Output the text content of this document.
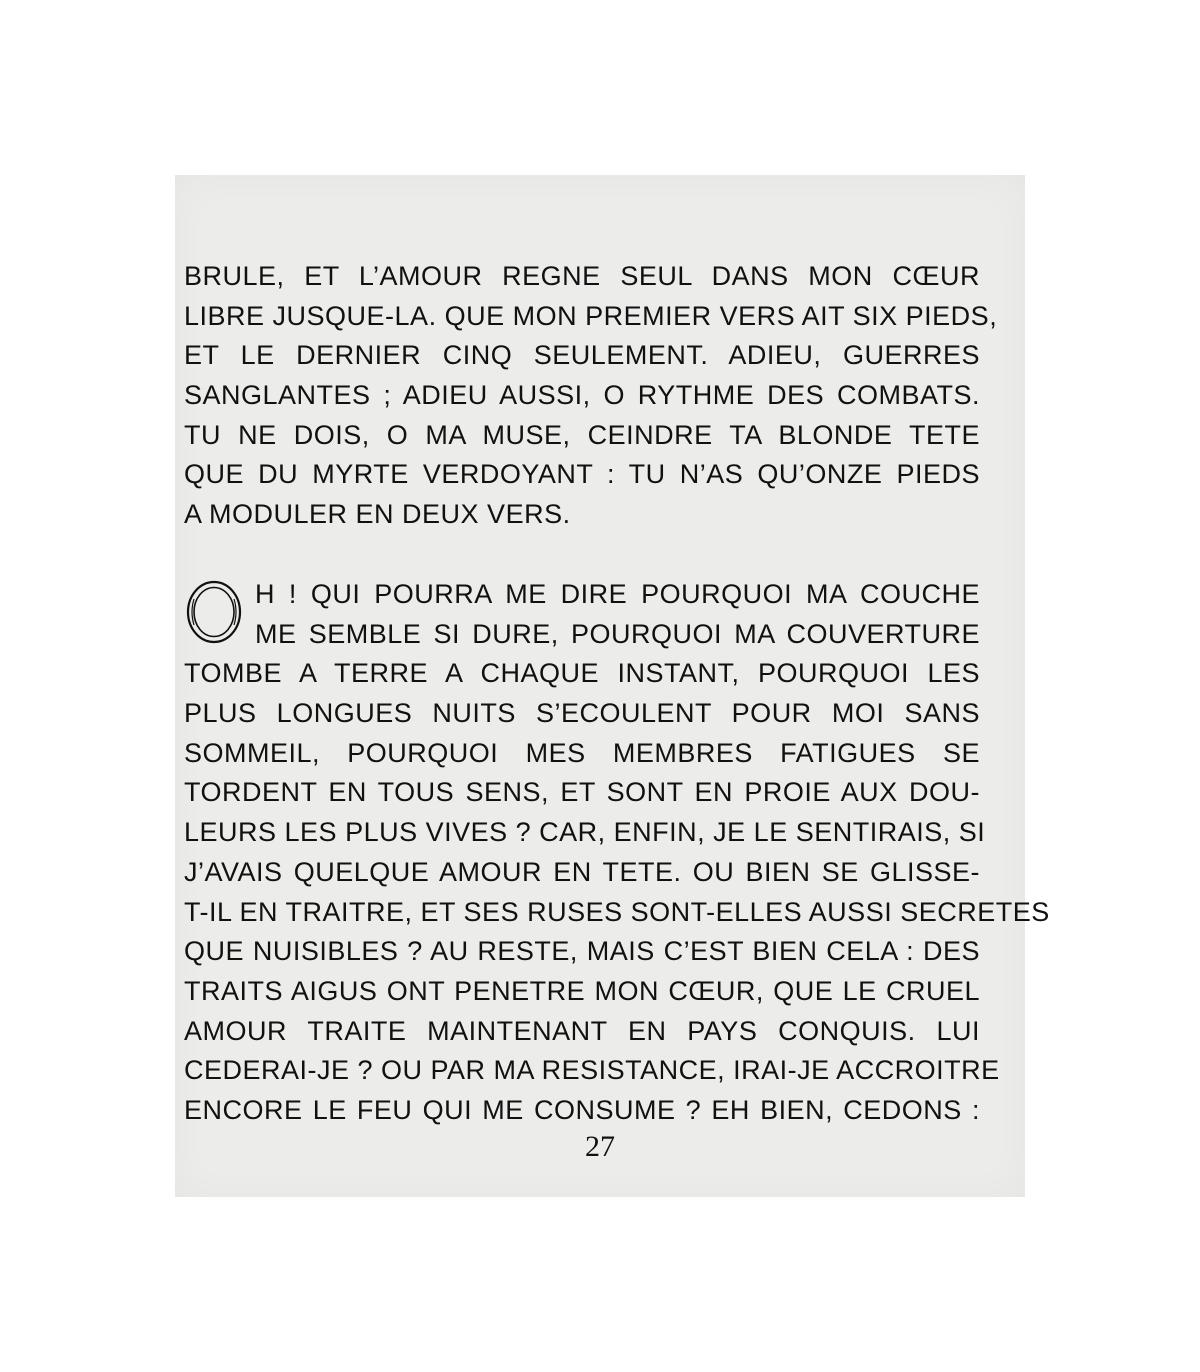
BRULE, ET L’AMOUR REGNE SEUL DANS MON CŒUR
LIBRE JUSQUE-LA. QUE MON PREMIER VERS AIT SIX PIEDS,
ET LE DERNIER CINQ SEULEMENT. ADIEU, GUERRES
SANGLANTES ; ADIEU AUSSI, O RYTHME DES COMBATS.
TU NE DOIS, O MA MUSE, CEINDRE TA BLONDE TETE
QUE DU MYRTE VERDOYANT : TU N’AS QU’ONZE PIEDS
A MODULER EN DEUX VERS.
O
H ! QUI POURRA ME DIRE POURQUOI MA COUCHE
ME SEMBLE SI DURE, POURQUOI MA COUVERTURE
TOMBE A TERRE A CHAQUE INSTANT, POURQUOI LES
PLUS LONGUES NUITS S’ECOULENT POUR MOI SANS
SOMMEIL, POURQUOI MES MEMBRES FATIGUES SE
TORDENT EN TOUS SENS, ET SONT EN PROIE AUX DOU-
LEURS LES PLUS VIVES ? CAR, ENFIN, JE LE SENTIRAIS, SI
J’AVAIS QUELQUE AMOUR EN TETE. OU BIEN SE GLISSE-
T-IL EN TRAITRE, ET SES RUSES SONT-ELLES AUSSI SECRETES
QUE NUISIBLES ? AU RESTE, MAIS C’EST BIEN CELA : DES
TRAITS AIGUS ONT PENETRE MON CŒUR, QUE LE CRUEL
AMOUR TRAITE MAINTENANT EN PAYS CONQUIS. LUI
CEDERAI-JE ? OU PAR MA RESISTANCE, IRAI-JE ACCROITRE
ENCORE LE FEU QUI ME CONSUME ? EH BIEN, CEDONS :
27
